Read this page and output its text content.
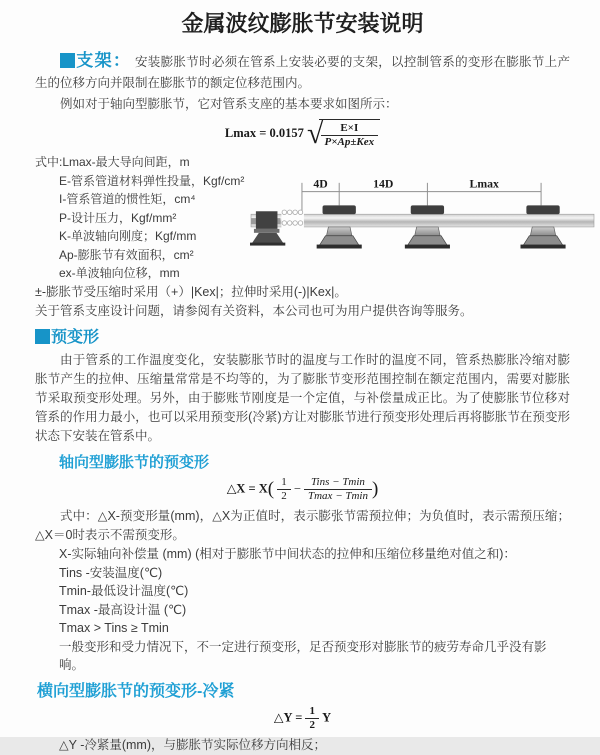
金属波纹膨胀节安装说明

支架： 安装膨胀节时必须在管系上安装必要的支架，以控制管系的变形在膨胀节上产生的位移方向并限制在膨胀节的额定位移范围内。

例如对于轴向型膨胀节，它对管系支座的基本要求如图所示：

Lmax = 0.0157 √
$\frac{E\times I}{\text{P×Ap±Kex}}$
式中:Lmax-最大导向间距，m
E-管系管道材料弹性投量，Kgf/cm²
I-管系管道的惯性矩，cm⁴
P-设计压力，Kgf/mm²
K-单波轴向刚度；Kgf/mm
Ap-膨胀节有效面积，cm²
ex-单波轴向位移，mm
4D	14D	Lmax

±-膨胀节受压缩时采用（+）|Kex|；拉伸时采用(-)|Kex|。

关于管系支座设计问题，请参阅有关资料，本公司也可为用户提供咨询等服务。

预变形

由于管系的工作温度变化，安装膨胀节时的温度与工作时的温度不同，管系热膨胀冷缩对膨胀节产生的拉伸、压缩量常常是不均等的，为了膨胀节变形范围控制在额定范围内，需要对膨胀节采取预变形处理。另外，由于膨账节刚度是一个定值，与补偿量成正比。为了使膨胀节位移对管系的作用力最小，也可以采用预变形(冷紧)方让对膨胀节进行预变形处理后再将膨胀节在预变形状态下安装在管系中。

轴向型膨胀节的预变形
△X = $X( \frac{1}{2} - \frac{\text{Tins − Tmin}}{Tmax - Tmin}$ )

式中：△X-预变形量(mm)，△X为正值时，表示膨张节需预拉伸；为负值时，表示需预压缩；△X＝0时表示不需预变形。

X-实际轴向补偿量 (mm) (相对于膨胀节中间状态的拉伸和压缩位移量绝对值之和)：
Tins -安装温度(℃)
Tmin-最低设计温度(℃)
Tmax -最高设计温 (℃)
Tmax > Tins ≥ Tmin
一般变形和受力情况下，不一定进行预变形，足否预变形对膨胀节的疲劳寿命几乎没有影响。
横向型膨胀节的预变形-冷紧
△Y = $\frac{1}{2}$ Y

△Y -冷紧量(mm)，与膨胀节实际位移方向相反；
